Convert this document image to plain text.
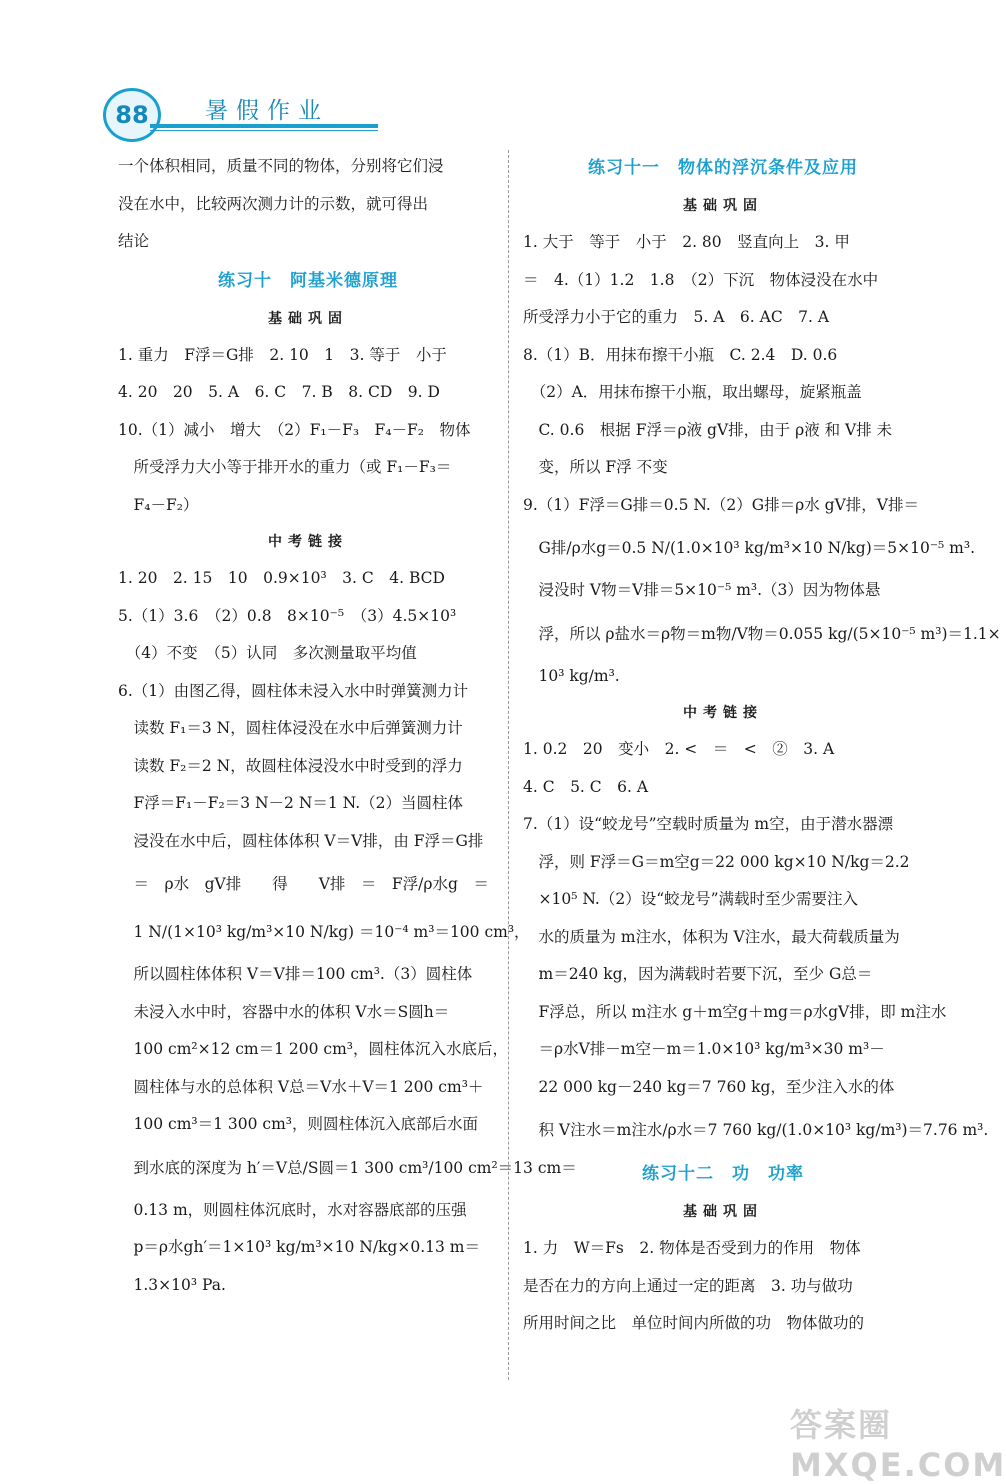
88	暑假作业
一个体积相同，质量不同的物体，分别将它们浸
没在水中，比较两次测力计的示数，就可得出
结论
练习十　阿基米德原理
基础巩固
1. 重力　F浮＝G排　2. 10　1　3. 等于　小于
4. 20　20　5. A　6. C　7. B　8. CD　9. D
10.（1）减小　增大　（2）F₁－F₃　F₄－F₂　物体
　所受浮力大小等于排开水的重力（或 F₁－F₃＝
　F₄－F₂）
中考链接
1. 20　2. 15　10　0.9×10³　3. C　4. BCD
5.（1）3.6　（2）0.8　8×10⁻⁵　（3）4.5×10³
　（4）不变　（5）认同　多次测量取平均值
6.（1）由图乙得，圆柱体未浸入水中时弹簧测力计
　读数 F₁＝3 N，圆柱体浸没在水中后弹簧测力计
　读数 F₂＝2 N，故圆柱体浸没水中时受到的浮力
　F浮＝F₁－F₂＝3 N－2 N＝1 N.（2）当圆柱体
　浸没在水中后，圆柱体体积 V＝V排，由 F浮＝G排
　＝　ρ水　gV排　　得　　V排　＝　F浮/ρ水g　＝
　1 N/(1×10³ kg/m³×10 N/kg) ＝10⁻⁴ m³＝100 cm³，
　所以圆柱体体积 V＝V排＝100 cm³.（3）圆柱体
　未浸入水中时，容器中水的体积 V水＝S圆h＝
　100 cm²×12 cm＝1 200 cm³，圆柱体沉入水底后，
　圆柱体与水的总体积 V总＝V水＋V＝1 200 cm³＋
　100 cm³＝1 300 cm³，则圆柱体沉入底部后水面
　到水底的深度为 h′＝V总/S圆＝1 300 cm³/100 cm²＝13 cm＝
　0.13 m，则圆柱体沉底时，水对容器底部的压强
　p＝ρ水gh′＝1×10³ kg/m³×10 N/kg×0.13 m＝
　1.3×10³ Pa.
练习十一　物体的浮沉条件及应用
基础巩固
1. 大于　等于　小于　2. 80　竖直向上　3. 甲
＝　4.（1）1.2　1.8　（2）下沉　物体浸没在水中
所受浮力小于它的重力　5. A　6. AC　7. A
8.（1）B．用抹布擦干小瓶　C. 2.4　D. 0.6
　（2）A．用抹布擦干小瓶，取出螺母，旋紧瓶盖
　C. 0.6　根据 F浮＝ρ液 gV排，由于 ρ液 和 V排 未
　变，所以 F浮 不变
9.（1）F浮＝G排＝0.5 N.（2）G排＝ρ水 gV排，V排＝
　G排/ρ水g＝0.5 N/(1.0×10³ kg/m³×10 N/kg)＝5×10⁻⁵ m³.
　浸没时 V物＝V排＝5×10⁻⁵ m³.（3）因为物体悬
　浮，所以 ρ盐水＝ρ物＝m物/V物＝0.055 kg/(5×10⁻⁵ m³)＝1.1×
　10³ kg/m³.
中考链接
1. 0.2　20　变小　2. <　＝　<　②　3. A
4. C　5. C　6. A
7.（1）设“蛟龙号”空载时质量为 m空，由于潜水器漂
　浮，则 F浮＝G＝m空g＝22 000 kg×10 N/kg＝2.2
　×10⁵ N.（2）设“蛟龙号”满载时至少需要注入
　水的质量为 m注水，体积为 V注水，最大荷载质量为
　m＝240 kg，因为满载时若要下沉，至少 G总＝
　F浮总，所以 m注水 g＋m空g＋mg＝ρ水gV排，即 m注水
　＝ρ水V排－m空－m＝1.0×10³ kg/m³×30 m³－
　22 000 kg－240 kg＝7 760 kg，至少注入水的体
　积 V注水＝m注水/ρ水＝7 760 kg/(1.0×10³ kg/m³)＝7.76 m³.
练习十二　功　功率
基础巩固
1. 力　W＝Fs　2. 物体是否受到力的作用　物体
是否在力的方向上通过一定的距离　3. 功与做功
所用时间之比　单位时间内所做的功　物体做功的
答案圈 MXQE.COM
